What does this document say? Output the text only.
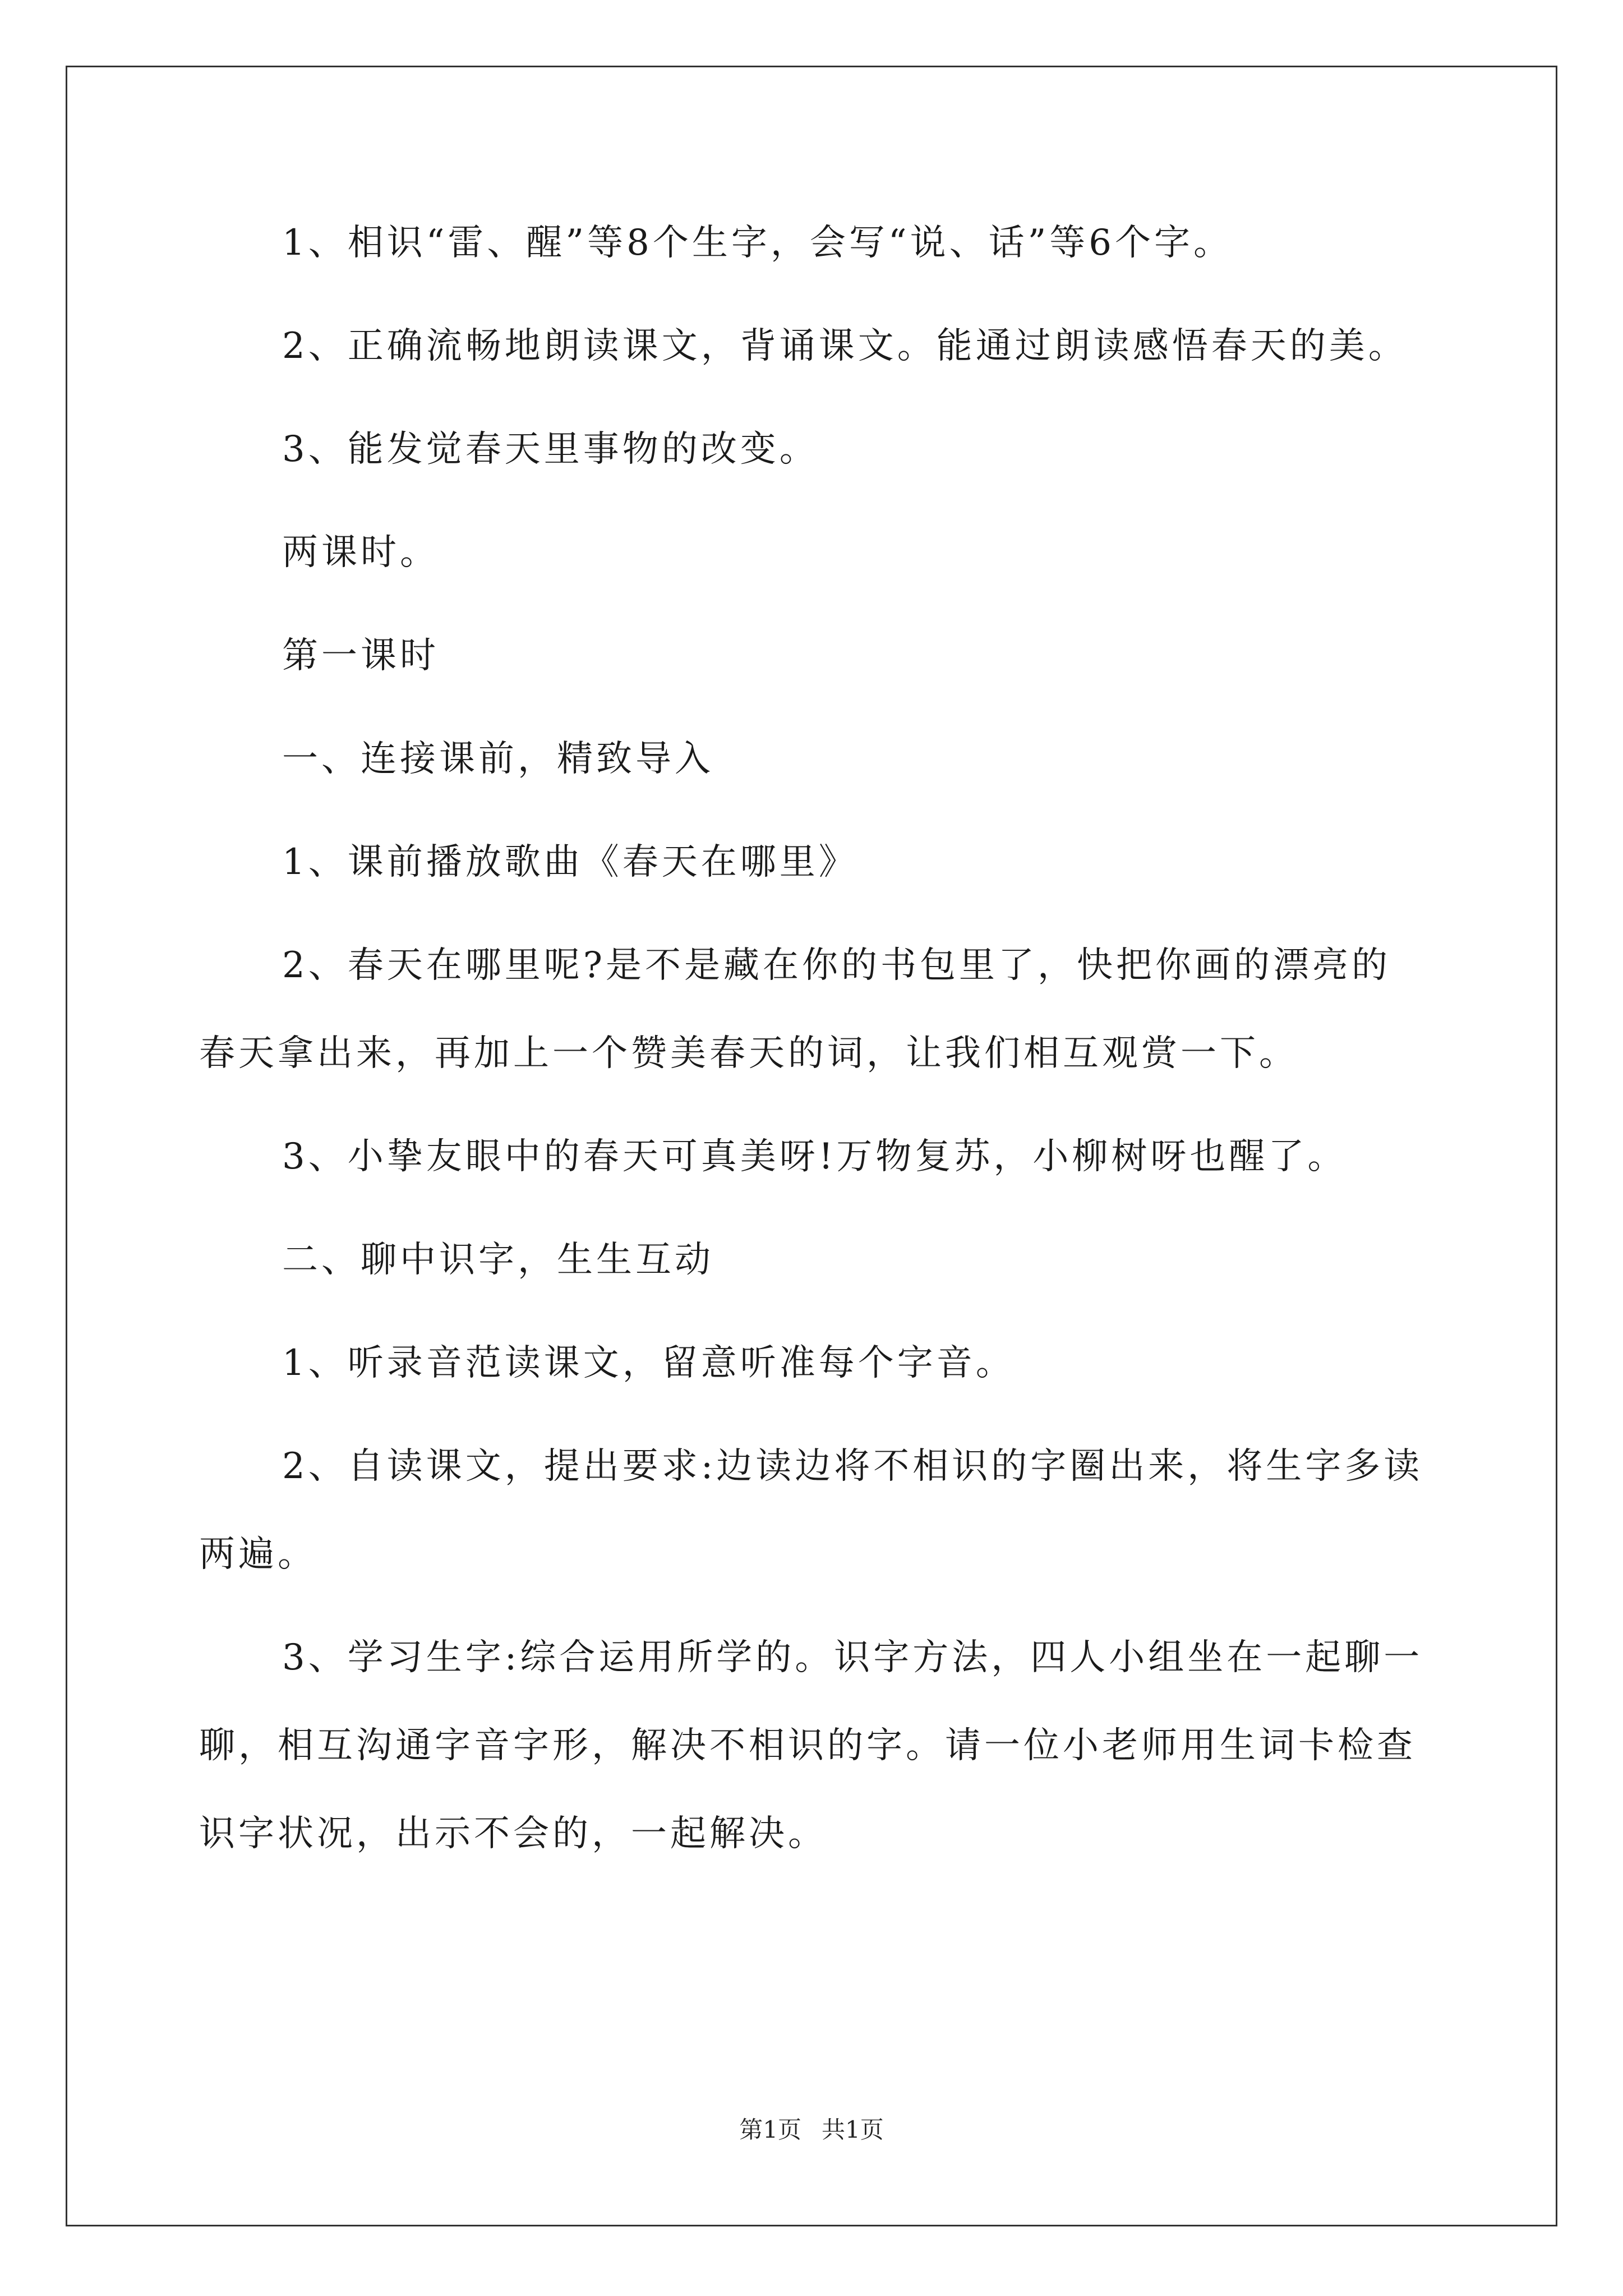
1、相识“雷、醒”等8个生字，会写“说、话”等6个字。

2、正确流畅地朗读课文，背诵课文。能通过朗读感悟春天的美。

3、能发觉春天里事物的改变。

两课时。

第一课时

一、连接课前，精致导入

1、课前播放歌曲《春天在哪里》

2、春天在哪里呢?是不是藏在你的书包里了，快把你画的漂亮的春天拿出来，再加上一个赞美春天的词，让我们相互观赏一下。

3、小挚友眼中的春天可真美呀!万物复苏，小柳树呀也醒了。

二、聊中识字，生生互动

1、听录音范读课文，留意听准每个字音。

2、自读课文，提出要求:边读边将不相识的字圈出来，将生字多读两遍。

3、学习生字:综合运用所学的。识字方法，四人小组坐在一起聊一聊，相互沟通字音字形，解决不相识的字。请一位小老师用生词卡检查识字状况，出示不会的，一起解决。

第1页 共1页
